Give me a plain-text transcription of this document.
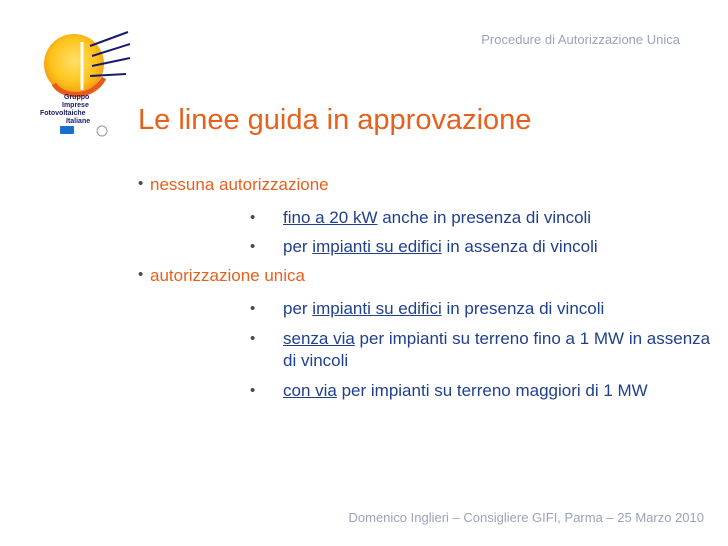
Procedure di Autorizzazione Unica
Gruppo
Imprese
Fotovoltaiche
Italiane Le linee guida in approvazione
• nessuna autorizzazione
• fino a 20 kW anche in presenza di vincoli
• per impianti su edifici in assenza di vincoli
• autorizzazione unica
• per impianti su edifici in presenza di vincoli
• senza via per impianti su terreno fino a 1 MW in assenza di vincoli
• con via per impianti su terreno maggiori di 1 MW
Domenico Inglieri – Consigliere GIFI, Parma – 25 Marzo 2010
